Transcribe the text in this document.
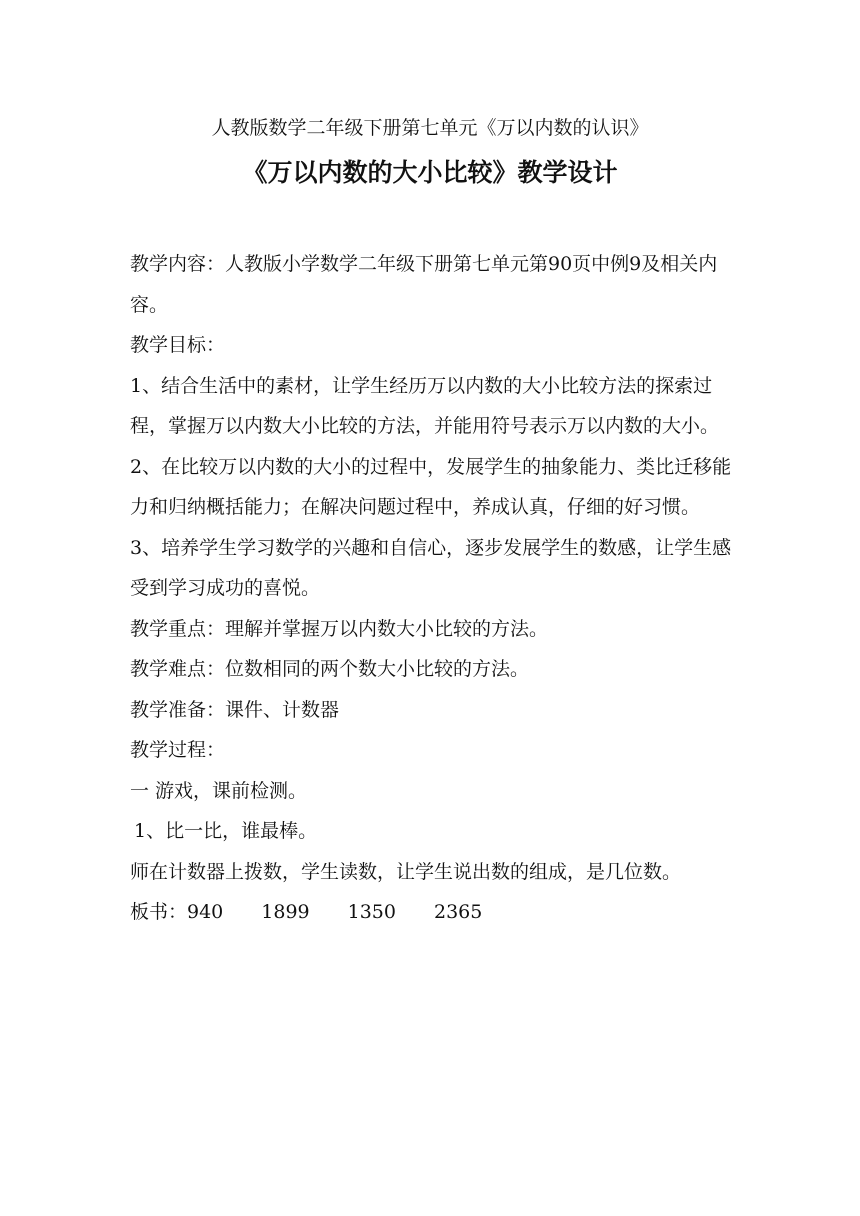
人教版数学二年级下册第七单元《万以内数的认识》
《万以内数的大小比较》教学设计

教学内容：人教版小学数学二年级下册第七单元第90页中例9及相关内容。

教学目标：

1、结合生活中的素材，让学生经历万以内数的大小比较方法的探索过程，掌握万以内数大小比较的方法，并能用符号表示万以内数的大小。

2、在比较万以内数的大小的过程中，发展学生的抽象能力、类比迁移能力和归纳概括能力；在解决问题过程中，养成认真，仔细的好习惯。

3、培养学生学习数学的兴趣和自信心，逐步发展学生的数感，让学生感受到学习成功的喜悦。

教学重点：理解并掌握万以内数大小比较的方法。

教学难点：位数相同的两个数大小比较的方法。

教学准备：课件、计数器

教学过程：

一 游戏，课前检测。

1、比一比，谁最棒。

师在计数器上拨数，学生读数，让学生说出数的组成，是几位数。

板书：940 1899 1350 2365
